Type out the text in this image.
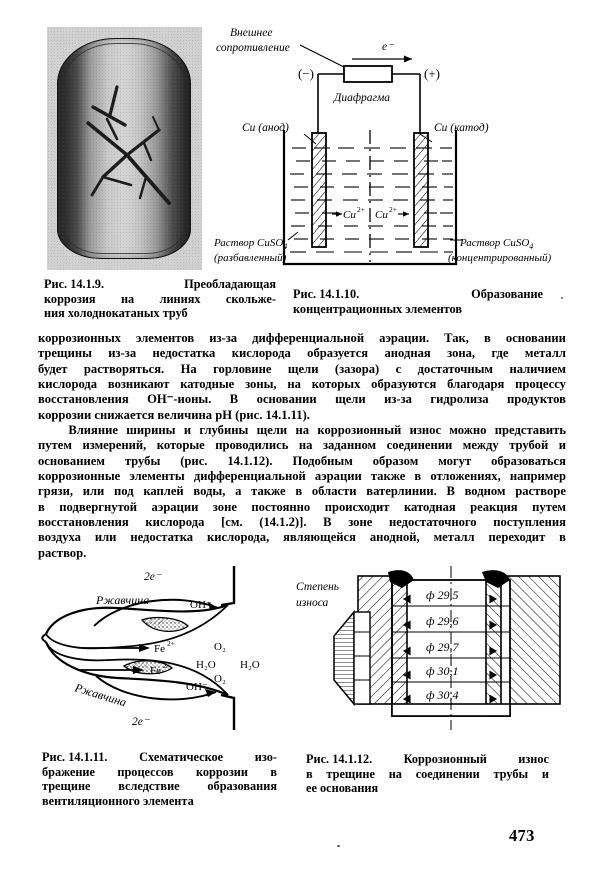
Внешнее
сопротивление	e⁻
(−)	(+)
Диафрагма
Cu (анод)	Cu (катод)
Cu 2+ Cu 2+
Раствор CuSO$_4$
(разбавленный)
Раствор CuSO$_4$
(концентрированный)
Рис. 14.1.9.	Преобладающая
коррозия на линиях скольже-
ния холоднокатаных труб
Рис. 14.1.10.	Образование
концентрационных элементов

коррозионных элементов из-за дифференциальной аэрации. Так, в основании
трещины из-за недостатка кислорода образуется анодная зона, где металл
будет растворяться. На горловине щели (зазора) с достаточным наличием
кислорода возникают катодные зоны, на которых образуются благодаря процессу
восстановления OH⁻-ионы. В основании щели из-за гидролиза продуктов
коррозии снижается величина pH (рис. 14.1.11).

Влияние ширины и глубины щели на коррозионный износ можно представить
путем измерений, которые проводились на заданном соединении между трубой и
основанием трубы (рис. 14.1.12). Подобным образом могут образоваться
коррозионные элементы дифференциальной аэрации также в отложениях, например
грязи, или под каплей воды, а также в области ватерлинии. В водном растворе
в подвергнутой аэрации зоне постоянно происходит катодная реакция путем
восстановления кислорода [см. (14.1.2)]. В зоне недостаточного поступления
воздуха или недостатка кислорода, являющейся анодной, металл переходит в
раствор.

2e⁻
2e⁻
Ржавчина
Ржавчина
OH⁻
OH⁻
Fe 2+
Fe 2+
O₂
O₂
H₂O H₂O
Степень
износа
ф 29,5
ф 29,6
ф 29,7
ф 30,1
ф 30,4
Рис. 14.1.11.	Схематическое	изо-
бражение процессов коррозии в
трещине вследствие образования
вентиляционного элемента
Рис. 14.1.12.	Коррозионный	износ
в трещине на соединении трубы и
ее основания
473
